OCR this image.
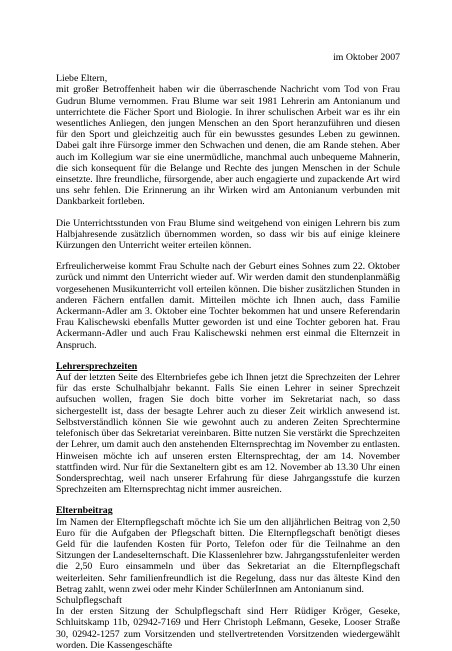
im Oktober 2007

Liebe Eltern,

mit großer Betroffenheit haben wir die überraschende Nachricht vom Tod von Frau Gudrun Blume vernommen. Frau Blume war seit 1981 Lehrerin am Antonianum und unterrichtete die Fächer Sport und Biologie. In ihrer schulischen Arbeit war es ihr ein wesentliches Anliegen, den jungen Menschen an den Sport heranzuführen und diesen für den Sport und gleichzeitig auch für ein bewusstes gesundes Leben zu gewinnen. Dabei galt ihre Fürsorge immer den Schwachen und denen, die am Rande stehen. Aber auch im Kollegium war sie eine unermüdliche, manchmal auch unbequeme Mahnerin, die sich konsequent für die Belange und Rechte des jungen Menschen in der Schule einsetzte. Ihre freundliche, fürsorgende, aber auch engagierte und zupackende Art wird uns sehr fehlen. Die Erinnerung an ihr Wirken wird am Antonianum verbunden mit Dankbarkeit fortleben.

Die Unterrichtsstunden von Frau Blume sind weitgehend von einigen Lehrern bis zum Halbjahresende zusätzlich übernommen worden, so dass wir bis auf einige kleinere Kürzungen den Unterricht weiter erteilen können.

Erfreulicherweise kommt Frau Schulte nach der Geburt eines Sohnes zum 22. Oktober zurück und nimmt den Unterricht wieder auf. Wir werden damit den stundenplanmäßig vorgesehenen Musikunterricht voll erteilen können. Die bisher zusätzlichen Stunden in anderen Fächern entfallen damit. Mitteilen möchte ich Ihnen auch, dass Familie Ackermann-Adler am 3. Oktober eine Tochter bekommen hat und unsere Referendarin Frau Kalischewski ebenfalls Mutter geworden ist und eine Tochter geboren hat. Frau Ackermann-Adler und auch Frau Kalischewski nehmen erst einmal die Elternzeit in Anspruch.

Lehrersprechzeiten

Auf der letzten Seite des Elternbriefes gebe ich Ihnen jetzt die Sprechzeiten der Lehrer für das erste Schulhalbjahr bekannt. Falls Sie einen Lehrer in seiner Sprechzeit aufsuchen wollen, fragen Sie doch bitte vorher im Sekretariat nach, so dass sichergestellt ist, dass der besagte Lehrer auch zu dieser Zeit wirklich anwesend ist. Selbstverständlich können Sie wie gewohnt auch zu anderen Zeiten Sprechtermine telefonisch über das Sekretariat vereinbaren. Bitte nutzen Sie verstärkt die Sprechzeiten der Lehrer, um damit auch den anstehenden Elternsprechtag im November zu entlasten. Hinweisen möchte ich auf unseren ersten Elternsprechtag, der am 14. November stattfinden wird. Nur für die Sextaneltern gibt es am 12. November ab 13.30 Uhr einen Sondersprechtag, weil nach unserer Erfahrung für diese Jahrgangsstufe die kurzen Sprechzeiten am Elternsprechtag nicht immer ausreichen.

Elternbeitrag

Im Namen der Elternpflegschaft möchte ich Sie um den alljährlichen Beitrag von 2,50 Euro für die Aufgaben der Pflegschaft bitten. Die Elternpflegschaft benötigt dieses Geld für die laufenden Kosten für Porto, Telefon oder für die Teilnahme an den Sitzungen der Landeselternschaft. Die Klassenlehrer bzw. Jahrgangsstufenleiter werden die 2,50 Euro einsammeln und über das Sekretariat an die Elternpflegschaft weiterleiten. Sehr familienfreundlich ist die Regelung, dass nur das älteste Kind den Betrag zahlt, wenn zwei oder mehr Kinder SchülerInnen am Antonianum sind.

Schulpflegschaft

In der ersten Sitzung der Schulpflegschaft sind Herr Rüdiger Kröger, Geseke, Schluitskamp 11b, 02942-7169 und Herr Christoph Leßmann, Geseke, Looser Straße 30, 02942-1257 zum Vorsitzenden und stellvertretenden Vorsitzenden wiedergewählt worden. Die Kassengeschäfte
